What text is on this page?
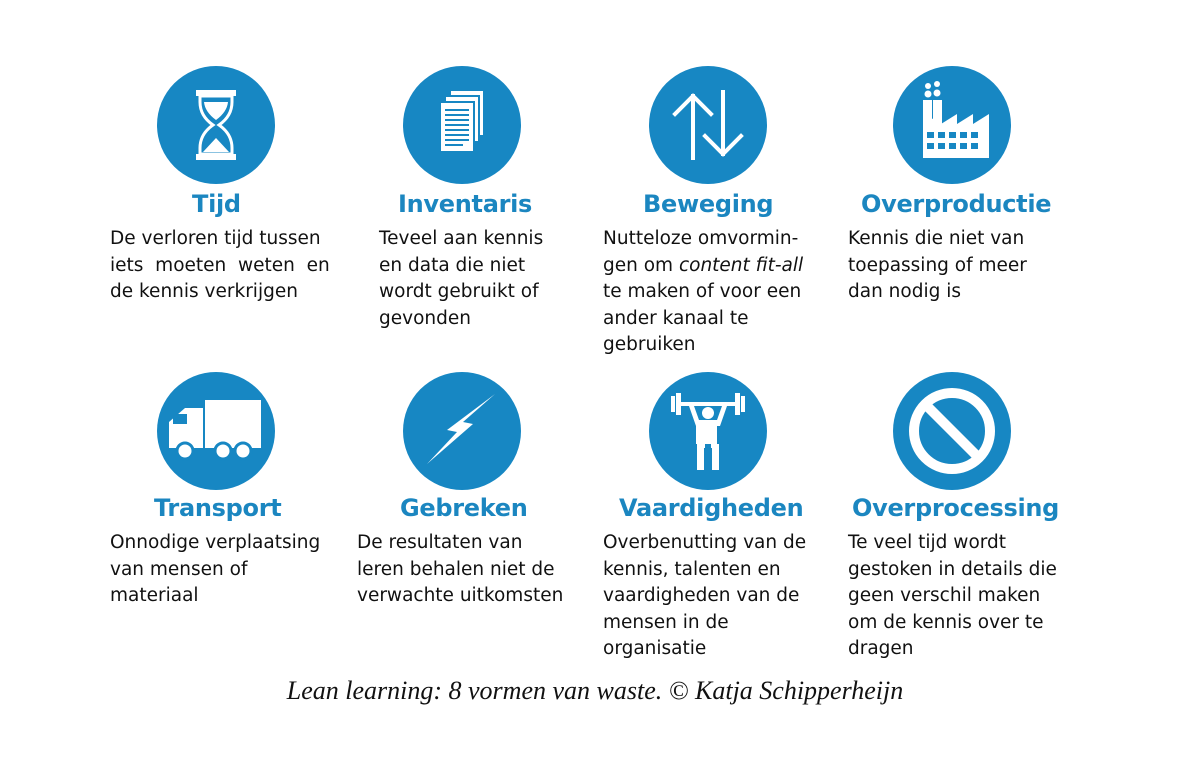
Tijd
De verloren tijd tussen
iets  moeten  weten  en
de kennis verkrijgen
Inventaris
Teveel aan kennis
en data die niet
wordt gebruikt of
gevonden
Beweging
Nutteloze omvormin-
gen om content fit-all
te maken of voor een
ander kanaal te
gebruiken
Overproductie
Kennis die niet van
toepassing of meer
dan nodig is
Transport
Onnodige verplaatsing
van mensen of
materiaal
Gebreken
De resultaten van
leren behalen niet de
verwachte uitkomsten
Vaardigheden
Overbenutting van de
kennis, talenten en
vaardigheden van de
mensen in de
organisatie
Overprocessing
Te veel tijd wordt
gestoken in details die
geen verschil maken
om de kennis over te
dragen
Lean learning: 8 vormen van waste. © Katja Schipperheijn
